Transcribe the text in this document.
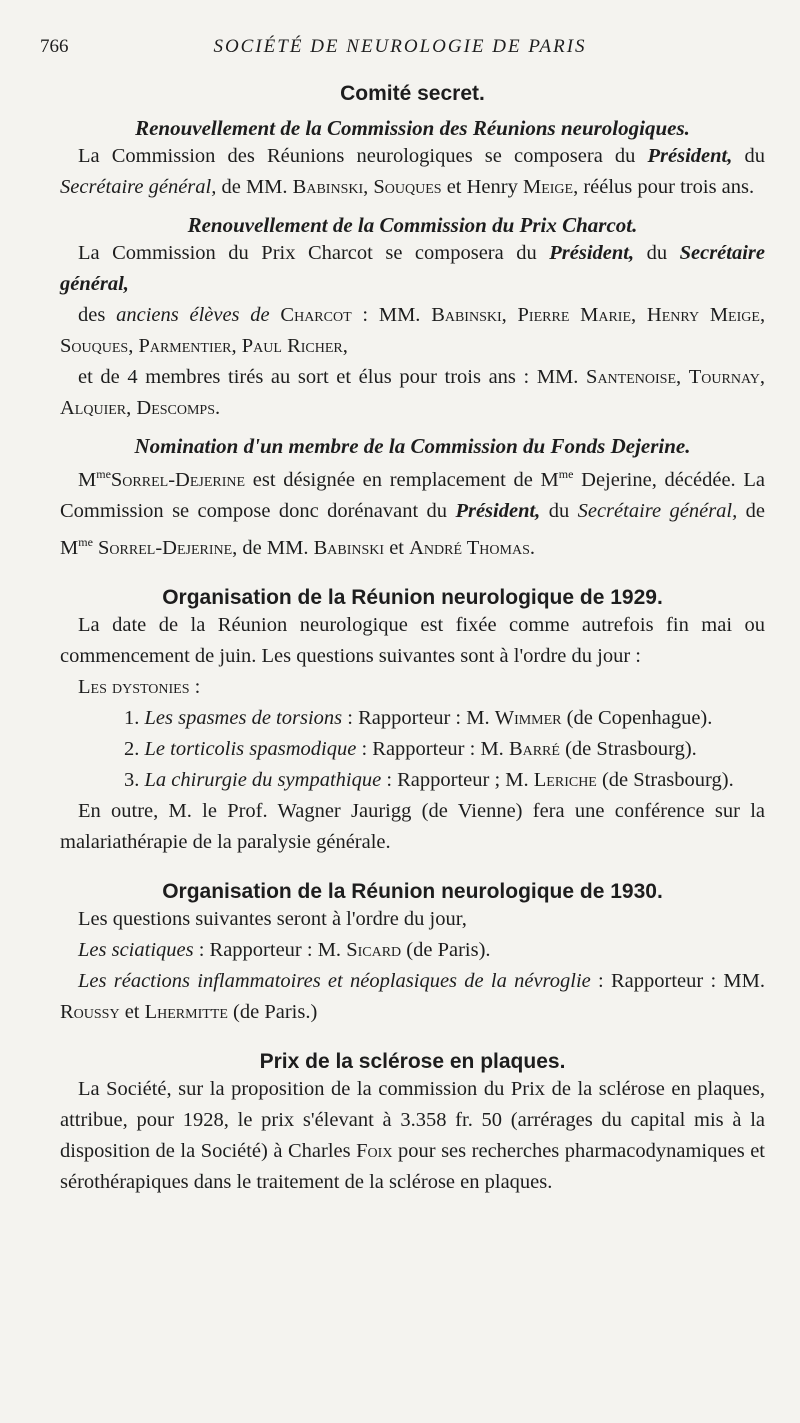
766	SOCIÉTÉ DE NEUROLOGIE DE PARIS
Comité secret.
Renouvellement de la Commission des Réunions neurologiques.

La Commission des Réunions neurologiques se composera du Président, du Secrétaire général, de MM. Babinski, Souques et Henry Meige, réélus pour trois ans.

Renouvellement de la Commission du Prix Charcot.

La Commission du Prix Charcot se composera du Président, du Secrétaire général,

des anciens élèves de Charcot : MM. Babinski, Pierre Marie, Henry Meige, Souques, Parmentier, Paul Richer,

et de 4 membres tirés au sort et élus pour trois ans : MM. Santenoise, Tournay, Alquier, Descomps.

Nomination d'un membre de la Commission du Fonds Dejerine.

$M^{me}Sorrel$-Dejerine est désignée en remplacement de $M^{me}$ Dejerine, décédée. La Commission se compose donc dorénavant du Président, du Secrétaire général, de $M^{me}$ Sorrel-Dejerine, de MM. Babinski et André Thomas.

Organisation de la Réunion neurologique de 1929.

La date de la Réunion neurologique est fixée comme autrefois fin mai ou commencement de juin. Les questions suivantes sont à l'ordre du jour :

Les dystonies :

1. Les spasmes de torsions : Rapporteur : M. Wimmer (de Copenhague).
2. Le torticolis spasmodique : Rapporteur : M. Barré (de Strasbourg).
3. La chirurgie du sympathique : Rapporteur ; M. Leriche (de Strasbourg).

En outre, M. le Prof. Wagner Jaurigg (de Vienne) fera une conférence sur la malariathérapie de la paralysie générale.

Organisation de la Réunion neurologique de 1930.

Les questions suivantes seront à l'ordre du jour,

Les sciatiques : Rapporteur : M. Sicard (de Paris).

Les réactions inflammatoires et néoplasiques de la névroglie : Rapporteur : MM. Roussy et Lhermitte (de Paris.)

Prix de la sclérose en plaques.

La Société, sur la proposition de la commission du Prix de la sclérose en plaques, attribue, pour 1928, le prix s'élevant à 3.358 fr. 50 (arrérages du capital mis à la disposition de la Société) à Charles Foix pour ses recherches pharmacodynamiques et sérothérapiques dans le traitement de la sclérose en plaques.
